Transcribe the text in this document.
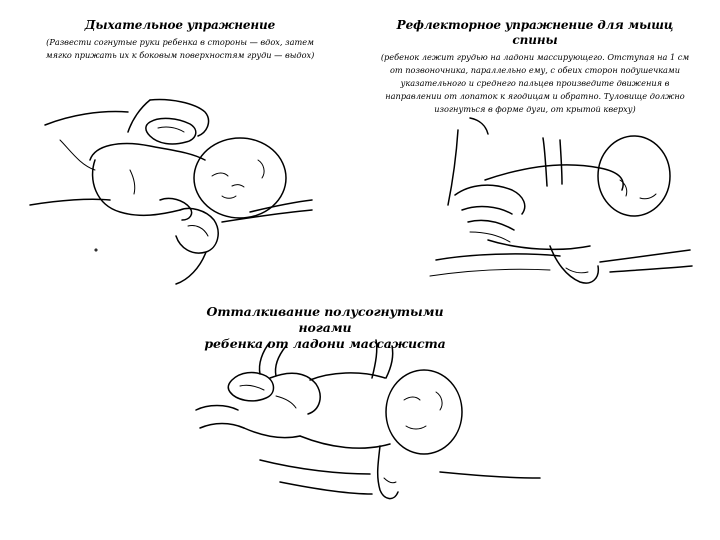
Дыхательное упражнение
(Развести согнутые руки ребенка в стороны — вдох, затем
мягко прижать их к боковым поверхностям груди — выдох)
Рефлекторное упражнение для мышц спины
(ребенок лежит грудью на ладони массирующего. Отступая на 1 см
от позвоночника, параллельно ему, с обеих сторон подушечками
указательного и среднего пальцев произведите движения в
направлении от лопаток к ягодицам и обратно. Туловище должно
изогнуться в форме дуги, от крытой кверху)
Отталкивание полусогнутыми ногами
ребенка от ладони массажиста
